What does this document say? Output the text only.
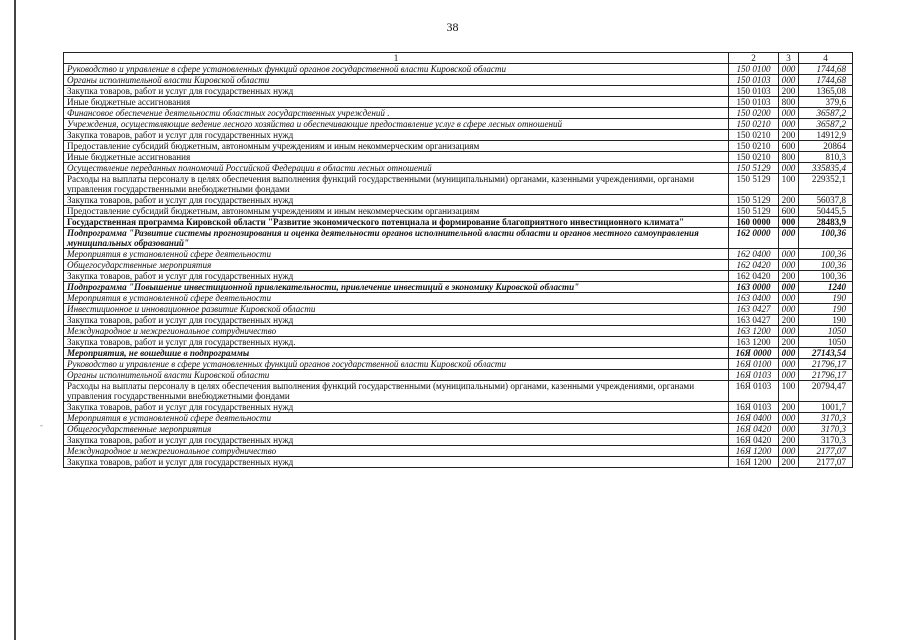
-
38
1	2	3	4
Руководство и управление в сфере установленных функций органов государственной власти Кировской области	150 0100	000	1744,68
Органы исполнительной власти Кировской области	150 0103	000	1744,68
Закупка товаров, работ и услуг для государственных нужд	150 0103	200	1365,08
Иные бюджетные ассигнования	150 0103	800	379,6
Финансовое обеспечение деятельности областных государственных учреждений .	150 0200	000	36587,2
Учреждения, осуществляющие ведение лесного хозяйства и обеспечивающие предоставление услуг в сфере лесных отношений	150 0210	000	36587,2
Закупка товаров, работ и услуг для государственных нужд	150 0210	200	14912,9
Предоставление субсидий бюджетным, автономным учреждениям и иным некоммерческим организациям	150 0210	600	20864
Иные бюджетные ассигнования	150 0210	800	810,3
Осуществление переданных полномочий Российской Федерации в области лесных отношений	150 5129	000	335835,4
Расходы на выплаты персоналу в целях обеспечения выполнения функций государственными (муниципальными) органами, казенными учреждениями, органами управления государственными внебюджетными фондами	150 5129	100	229352,1
Закупка товаров, работ и услуг для государственных нужд	150 5129	200	56037,8
Предоставление субсидий бюджетным, автономным учреждениям и иным некоммерческим организациям	150 5129	600	50445,5
Государственная программа Кировской области "Развитие экономического потенциала и формирование благоприятного инвестиционного климата"	160 0000	000	28483,9
Подпрограмма "Развитие системы прогнозирования и оценка деятельности органов исполнительной власти области и органов местного самоуправления муниципальных образований"	162 0000	000	100,36
Мероприятия в установленной сфере деятельности	162 0400	000	100,36
Общегосударственные мероприятия	162 0420	000	100,36
Закупка товаров, работ и услуг для государственных нужд	162 0420	200	100,36
Подпрограмма "Повышение инвестиционной привлекательности, привлечение инвестиций в экономику Кировской области"	163 0000	000	1240
Мероприятия в установленной сфере деятельности	163 0400	000	190
Инвестиционное и инновационное развитие Кировской области	163 0427	000	190
Закупка товаров, работ и услуг для государственных нужд	163 0427	200	190
Международное и межрегиональное сотрудничество	163 1200	000	1050
Закупка товаров, работ и услуг для государственных нужд.	163 1200	200	1050
Мероприятия, не вошедшие в подпрограммы	16Я 0000	000	27143,54
Руководство и управление в сфере установленных функций органов государственной власти Кировской области	16Я 0100	000	21796,17
Органы исполнительной власти Кировской области	16Я 0103	000	21796,17
Расходы на выплаты персоналу в целях обеспечения выполнения функций государственными (муниципальными) органами, казенными учреждениями, органами управления государственными внебюджетными фондами	16Я 0103	100	20794,47
Закупка товаров, работ и услуг для государственных нужд	16Я 0103	200	1001,7
Мероприятия в установленной сфере деятельности	16Я 0400	000	3170,3
Общегосударственные мероприятия	16Я 0420	000	3170,3
Закупка товаров, работ и услуг для государственных нужд	16Я 0420	200	3170,3
Международное и межрегиональное сотрудничество	16Я 1200	000	2177,07
Закупка товаров, работ и услуг для государственных нужд	16Я 1200	200	2177,07
